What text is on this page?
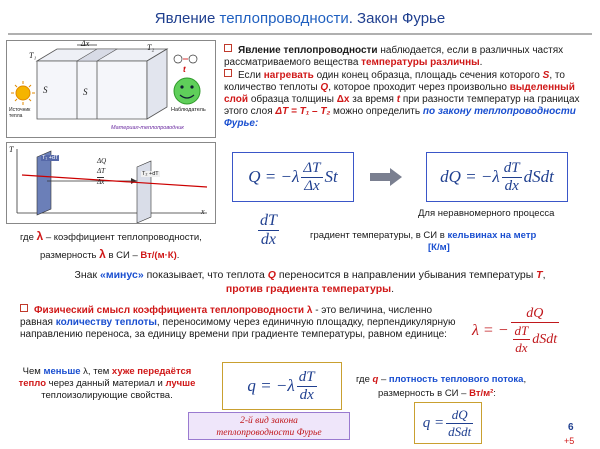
Явление теплопроводности. Закон Фурье
Δx
T₁
T₂
S	S
t
Источник тепла
Наблюдатель
Материал-теплопроводник
Явление теплопроводности наблюдается, если в различных частях рассматриваемого вещества температуры различны.
Если нагревать один конец образца, площадь сечения которого S, то количество теплоты Q, которое проходит через произвольно выделенный слой образца толщины Δx за время t при разности температур на границах этого слоя ΔT = T₁ – T₂ можно определить по закону теплопроводности Фурье:
T
x
T₁ +dT
T₂ +dT
ΔQ
ΔT
Δx	$Q = -\lambda \frac{\Delta T}{\Delta x}$ St	dQ = $-\lambda \frac{dT}{dx}$ dSdt
Для неравномерного процесса
где λ – коэффициент теплопроводности,
размерность λ в СИ – Вт/(м·К).
$\frac{dT}{dx}$	градиент температуры, в СИ в кельвинах на метр
[К/м]
Знак «минус» показывает, что теплота Q переносится в направлении убывания температуры T,
против градиента температуры.
Физический смысл коэффициента теплопроводности λ - это величина, численно равная количеству теплоты, переносимому через единичную площадку, перпендикулярную направлению переноса, за единицу времени при градиенте температуры, равном единице:	λ = − $\frac{dQ}{\frac{dT}{dx} dSdt}$
Чем меньше λ, тем хуже передаётся тепло через данный материал и лучше теплоизолирующие свойства.
$q = -\lambda \frac{dT}{dx}$	где q – плотность теплового потока,
размерность в СИ – Вт/м²:
$q = \frac{dQ}{\text{dSdt}}$
2-й вид закона
теплопроводности Фурье	6
+5
